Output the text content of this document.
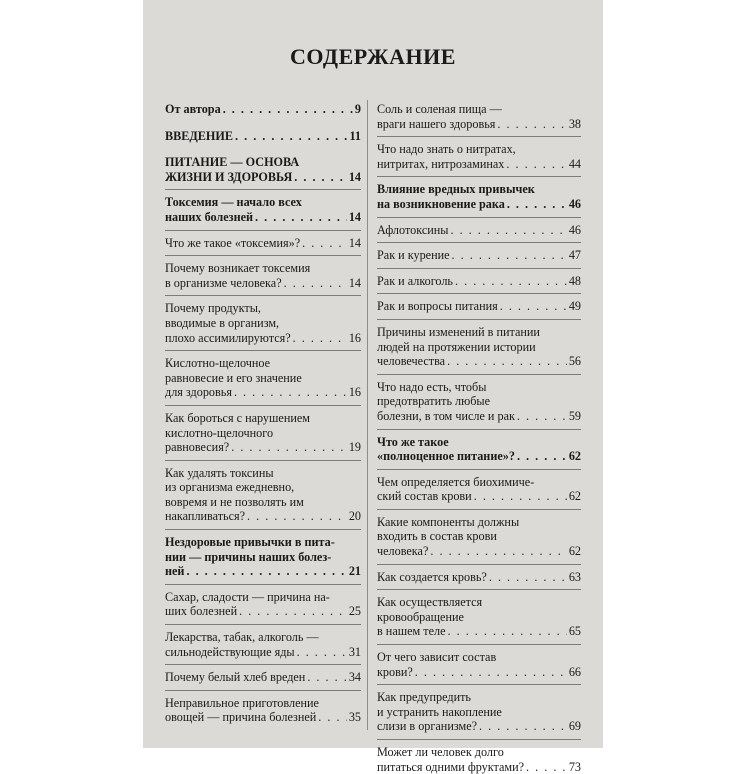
СОДЕРЖАНИЕ
От автора . . .	9
ВВЕДЕНИЕ . . .	11
ПИТАНИЕ — ОСНОВА
ЖИЗНИ И ЗДОРОВЬЯ . . .	14
Токсемия — начало всех
наших болезней . . .	14
Что же такое «токсемия»? . . .	14
Почему возникает токсемия
в организме человека? . . .	14
Почему продукты,
вводимые в организм,
плохо ассимилируются? . . .	16
Кислотно-щелочное
равновесие и его значение
для здоровья . . .	16
Как бороться с нарушением
кислотно-щелочного
равновесия? . . .	19
Как удалять токсины
из организма ежедневно,
вовремя и не позволять им
накапливаться? . . .	20
Нездоровые привычки в пита-
нии — причины наших болез-
ней . . .	21
Сахар, сладости — причина на-
ших болезней . . .	25
Лекарства, табак, алкоголь —
сильнодействующие яды . . .	31
Почему белый хлеб вреден . . .	34
Неправильное приготовление
овощей — причина болезней . . .	35
Соль и соленая пища —
враги нашего здоровья . . .	38
Что надо знать о нитратах,
нитритах, нитрозаминах . . .	44
Влияние вредных привычек
на возникновение рака . . .	46
Афлотоксины . . .	46
Рак и курение . . .	47
Рак и алкоголь . . .	48
Рак и вопросы питания . . .	49
Причины изменений в питании
людей на протяжении истории
человечества . . .	56
Что надо есть, чтобы
предотвратить любые
болезни, в том числе и рак . . .	59
Что же такое
«полноценное питание»? . . .	62
Чем определяется биохимиче-
ский состав крови . . .	62
Какие компоненты должны
входить в состав крови
человека? . . .	62
Как создается кровь? . . .	63
Как осуществляется
кровообращение
в нашем теле . . .	65
От чего зависит состав
крови? . . .	66
Как предупредить
и устранить накопление
слизи в организме? . . .	69
Может ли человек долго
питаться одними фруктами? . . .	73
